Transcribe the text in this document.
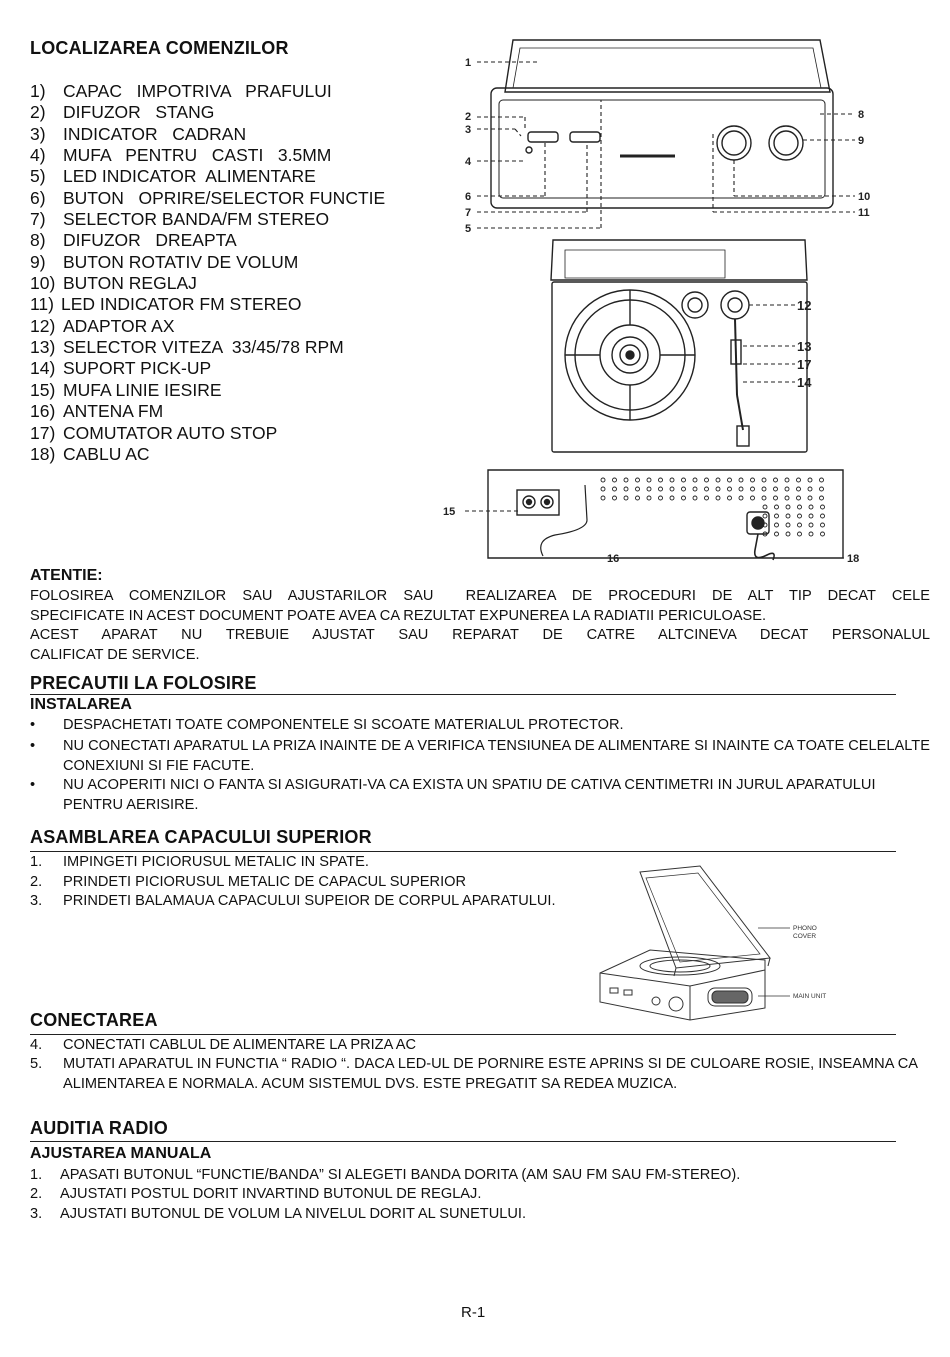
LOCALIZAREA COMENZILOR
1) CAPAC   IMPOTRIVA   PRAFULUI
2) DIFUZOR   STANG
3) INDICATOR   CADRAN
4) MUFA   PENTRU   CASTI   3.5MM
5) LED INDICATOR  ALIMENTARE
6) BUTON   OPRIRE/SELECTOR FUNCTIE
7) SELECTOR BANDA/FM STEREO
8) DIFUZOR   DREAPTA
9) BUTON ROTATIV DE VOLUM
10) BUTON REGLAJ
11) LED INDICATOR FM STEREO
12) ADAPTOR AX
13) SELECTOR VITEZA  33/45/78 RPM
14) SUPORT PICK-UP
15) MUFA LINIE IESIRE
16) ANTENA FM
17) COMUTATOR AUTO STOP
18) CABLU AC
1
2
3
4
5
6
7
8
9
10
11
12
13
17
14
15
16	18
ATENTIE:
FOLOSIREA COMENZILOR SAU AJUSTARILOR SAU  REALIZAREA DE PROCEDURI DE ALT TIP DECAT CELE
SPECIFICATE IN ACEST DOCUMENT POATE AVEA CA REZULTAT EXPUNEREA LA RADIATII PERICULOASE.
ACEST APARAT NU TREBUIE AJUSTAT SAU REPARAT DE CATRE ALTCINEVA DECAT PERSONALUL
CALIFICAT DE SERVICE.
PRECAUTII LA FOLOSIRE
INSTALAREA
• DESPACHETATI TOATE COMPONENTELE SI SCOATE MATERIALUL PROTECTOR.
• NU CONECTATI APARATUL LA PRIZA INAINTE DE A VERIFICA TENSIUNEA DE ALIMENTARE SI INAINTE CA TOATE CELELALTE CONEXIUNI SI FIE FACUTE.
• NU ACOPERITI NICI O FANTA SI ASIGURATI-VA CA EXISTA UN SPATIU DE CATIVA CENTIMETRI IN JURUL APARATULUI PENTRU AERISIRE.
ASAMBLAREA CAPACULUI SUPERIOR
1. IMPINGETI PICIORUSUL METALIC IN SPATE.
2. PRINDETI PICIORUSUL METALIC DE CAPACUL SUPERIOR
3. PRINDETI BALAMAUA CAPACULUI SUPEIOR DE CORPUL APARATULUI.
PHONO
COVER
MAIN UNIT
CONECTAREA
4. CONECTATI CABLUL DE ALIMENTARE LA PRIZA AC
5.	MUTATI APARATUL IN FUNCTIA “ RADIO “. DACA LED-UL DE PORNIRE ESTE APRINS SI DE CULOARE ROSIE, INSEAMNA CA ALIMENTAREA E NORMALA. ACUM SISTEMUL DVS. ESTE PREGATIT SA REDEA MUZICA.
AUDITIA RADIO
AJUSTAREA MANUALA
1. APASATI BUTONUL “FUNCTIE/BANDA” SI ALEGETI BANDA DORITA (AM SAU FM SAU FM-STEREO).
2. AJUSTATI POSTUL DORIT INVARTIND BUTONUL DE REGLAJ.
3. AJUSTATI BUTONUL DE VOLUM LA NIVELUL DORIT AL SUNETULUI.
R-1
